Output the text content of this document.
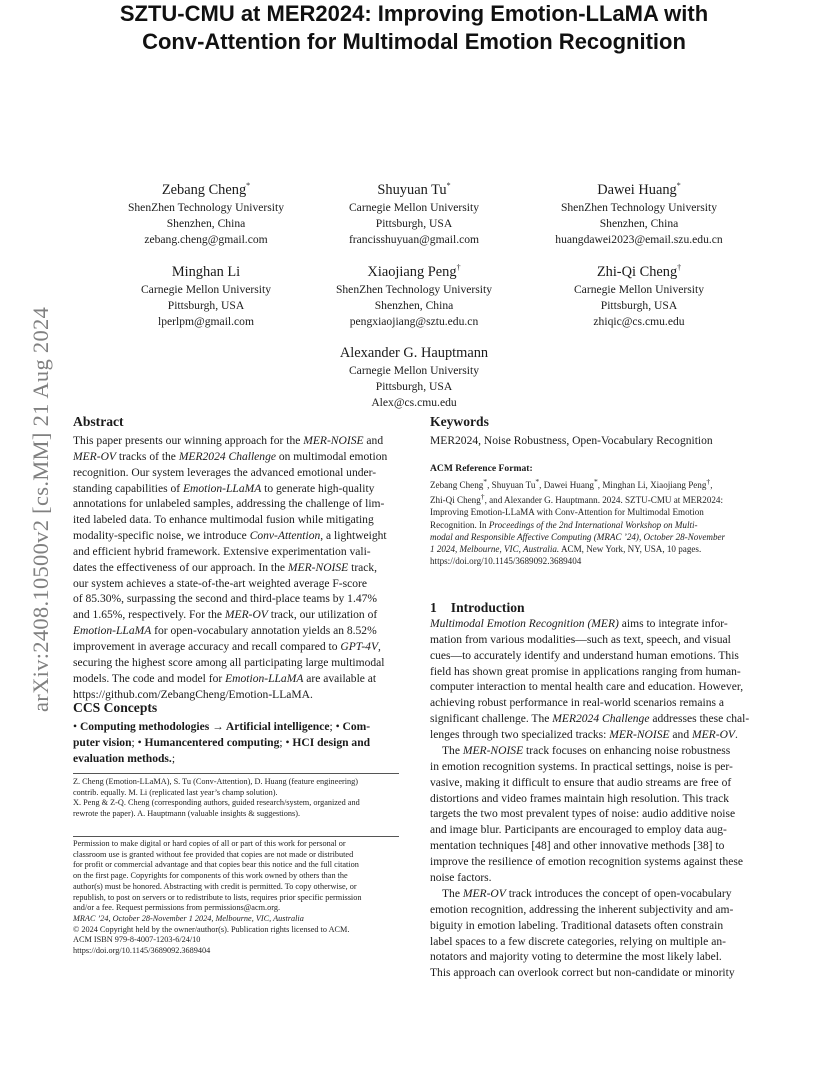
arXiv:2408.10500v2 [cs.MM] 21 Aug 2024
SZTU-CMU at MER2024: Improving Emotion-LLaMA with
Conv-Attention for Multimodal Emotion Recognition
Zebang Cheng*
ShenZhen Technology University
Shenzhen, China
zebang.cheng@gmail.com
Shuyuan Tu*
Carnegie Mellon University
Pittsburgh, USA
francisshuyuan@gmail.com
Dawei Huang*
ShenZhen Technology University
Shenzhen, China
huangdawei2023@email.szu.edu.cn
Minghan Li
Carnegie Mellon University
Pittsburgh, USA
lperlpm@gmail.com
Xiaojiang Peng†
ShenZhen Technology University
Shenzhen, China
pengxiaojiang@sztu.edu.cn
Zhi-Qi Cheng†
Carnegie Mellon University
Pittsburgh, USA
zhiqic@cs.cmu.edu
Alexander G. Hauptmann
Carnegie Mellon University
Pittsburgh, USA
Alex@cs.cmu.edu
Abstract
This paper presents our winning approach for the MER-NOISE and
MER-OV tracks of the MER2024 Challenge on multimodal emotion
recognition. Our system leverages the advanced emotional under-
standing capabilities of Emotion-LLaMA to generate high-quality
annotations for unlabeled samples, addressing the challenge of lim-
ited labeled data. To enhance multimodal fusion while mitigating
modality-specific noise, we introduce Conv-Attention, a lightweight
and efficient hybrid framework. Extensive experimentation vali-
dates the effectiveness of our approach. In the MER-NOISE track,
our system achieves a state-of-the-art weighted average F-score
of 85.30%, surpassing the second and third-place teams by 1.47%
and 1.65%, respectively. For the MER-OV track, our utilization of
Emotion-LLaMA for open-vocabulary annotation yields an 8.52%
improvement in average accuracy and recall compared to GPT-4V,
securing the highest score among all participating large multimodal
models. The code and model for Emotion-LLaMA are available at
https://github.com/ZebangCheng/Emotion-LLaMA.
CCS Concepts
• Computing methodologies → Artificial intelligence; • Com-
puter vision; • Humancentered computing; • HCI design and
evaluation methods.;
Z. Cheng (Emotion-LLaMA), S. Tu (Conv-Attention), D. Huang (feature engineering)
contrib. equally. M. Li (replicated last year’s champ solution).
X. Peng & Z-Q. Cheng (corresponding authors, guided research/system, organized and
rewrote the paper). A. Hauptmann (valuable insights & suggestions).
Permission to make digital or hard copies of all or part of this work for personal or
classroom use is granted without fee provided that copies are not made or distributed
for profit or commercial advantage and that copies bear this notice and the full citation
on the first page. Copyrights for components of this work owned by others than the
author(s) must be honored. Abstracting with credit is permitted. To copy otherwise, or
republish, to post on servers or to redistribute to lists, requires prior specific permission
and/or a fee. Request permissions from permissions@acm.org.
MRAC ’24, October 28-November 1 2024, Melbourne, VIC, Australia
© 2024 Copyright held by the owner/author(s). Publication rights licensed to ACM.
ACM ISBN 979-8-4007-1203-6/24/10
https://doi.org/10.1145/3689092.3689404
Keywords
MER2024, Noise Robustness, Open-Vocabulary Recognition
ACM Reference Format:
Zebang Cheng*, Shuyuan Tu*, Dawei Huang*, Minghan Li, Xiaojiang Peng†,
Zhi-Qi Cheng†, and Alexander G. Hauptmann. 2024. SZTU-CMU at MER2024:
Improving Emotion-LLaMA with Conv-Attention for Multimodal Emotion
Recognition. In Proceedings of the 2nd International Workshop on Multi-
modal and Responsible Affective Computing (MRAC ’24), October 28-November
1 2024, Melbourne, VIC, Australia. ACM, New York, NY, USA, 10 pages.
https://doi.org/10.1145/3689092.3689404
1 Introduction
Multimodal Emotion Recognition (MER) aims to integrate infor-
mation from various modalities—such as text, speech, and visual
cues—to accurately identify and understand human emotions. This
field has shown great promise in applications ranging from human-
computer interaction to mental health care and education. However,
achieving robust performance in real-world scenarios remains a
significant challenge. The MER2024 Challenge addresses these chal-
lenges through two specialized tracks: MER-NOISE and MER-OV.
The MER-NOISE track focuses on enhancing noise robustness
in emotion recognition systems. In practical settings, noise is per-
vasive, making it difficult to ensure that audio streams are free of
distortions and video frames maintain high resolution. This track
targets the two most prevalent types of noise: audio additive noise
and image blur. Participants are encouraged to employ data aug-
mentation techniques [48] and other innovative methods [38] to
improve the resilience of emotion recognition systems against these
noise factors.
The MER-OV track introduces the concept of open-vocabulary
emotion recognition, addressing the inherent subjectivity and am-
biguity in emotion labeling. Traditional datasets often constrain
label spaces to a few discrete categories, relying on multiple an-
notators and majority voting to determine the most likely label.
This approach can overlook correct but non-candidate or minority
